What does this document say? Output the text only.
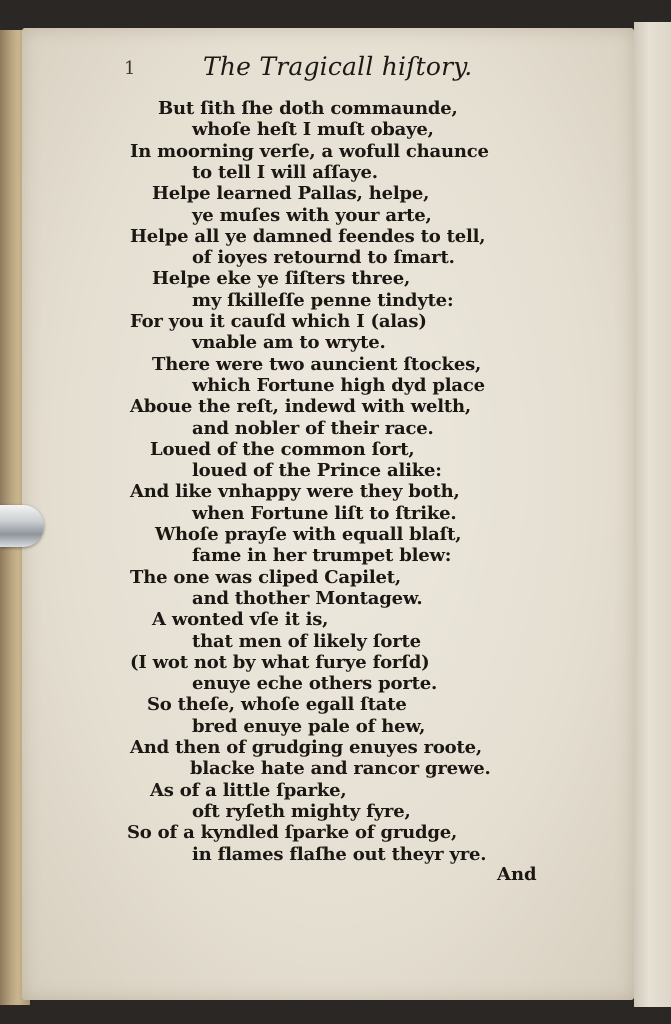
1	The Tragicall hiſtory.
But ſith ſhe doth commaunde,
whoſe heſt I muſt obaye,
In moorning verſe, a wofull chaunce
to tell I will aſſaye.
Helpe learned Pallas, helpe,
ye muſes with your arte,
Helpe all ye damned feendes to tell,
of ioyes retournd to ſmart.
Helpe eke ye ſiſters three,
my ſkilleſſe penne tindyte:
For you it cauſd which I (alas)
vnable am to wryte.
There were two auncient ſtockes,
which Fortune high dyd place
Aboue the reſt, indewd with welth,
and nobler of their race.
Loued of the common ſort,
loued of the Prince alike:
And like vnhappy were they both,
when Fortune liſt to ſtrike.
Whoſe prayſe with equall blaſt,
fame in her trumpet blew:
The one was cliped Capilet,
and thother Montagew.
A wonted vſe it is,
that men of likely ſorte
(I wot not by what furye forſd)
enuye eche others porte.
So theſe, whoſe egall ſtate
bred enuye pale of hew,
And then of grudging enuyes roote,
blacke hate and rancor grewe.
As of a little ſparke,
oft ryſeth mighty fyre,
So of a kyndled ſparke of grudge,
in flames flaſhe out theyr yre.
And
